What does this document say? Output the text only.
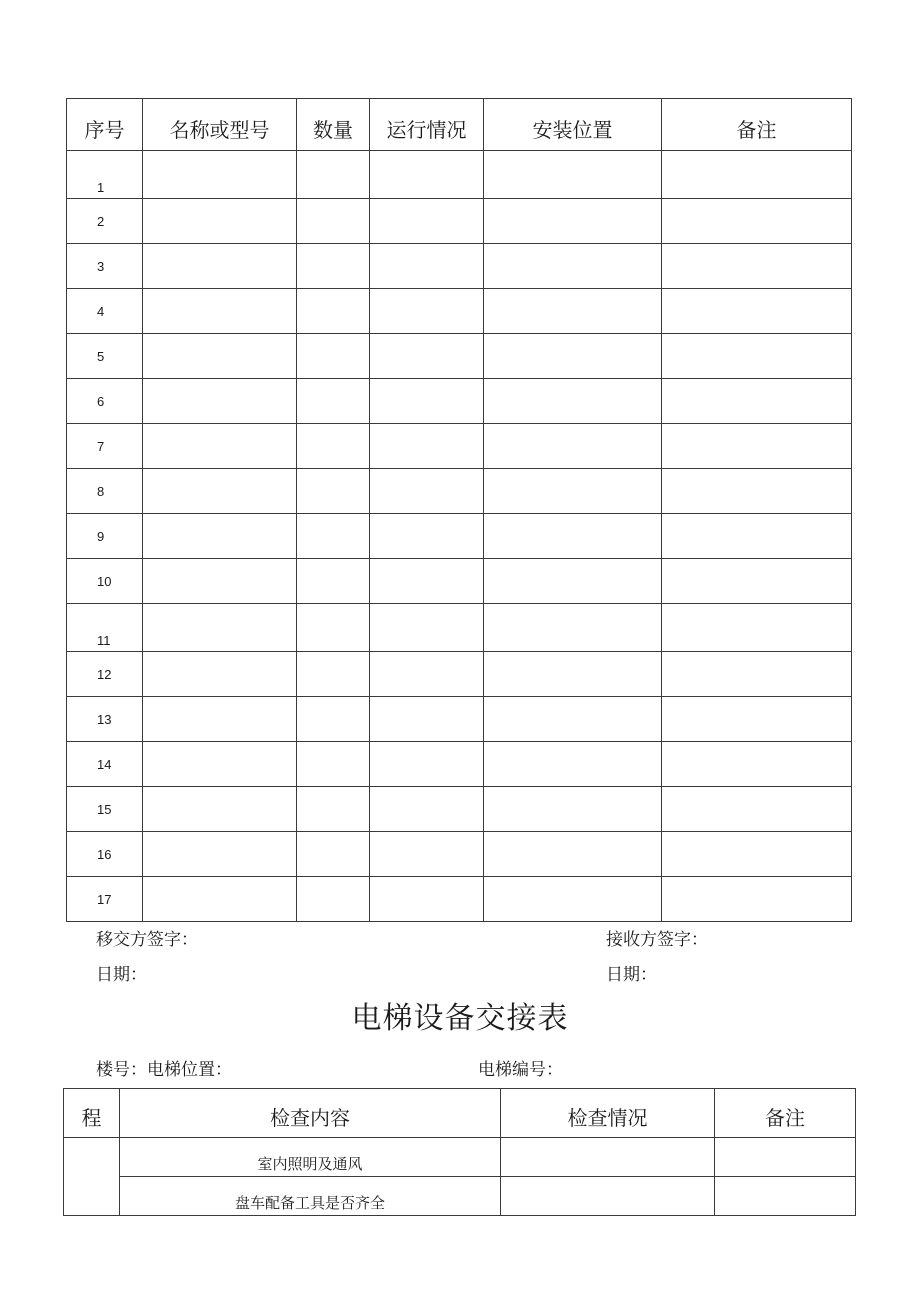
序号	名称或型号	数量	运行情况	安装位置	备注
1					
2					
3					
4					
5					
6					
7					
8					
9					
10					
11					
12					
13					
14					
15					
16					
17					
移交方签字：
日期：
接收方签字：
日期：
电梯设备交接表
楼号：电梯位置：	电梯编号：
程	检查内容	检查情况	备注
	室内照明及通风		
	盘车配备工具是否齐全		
